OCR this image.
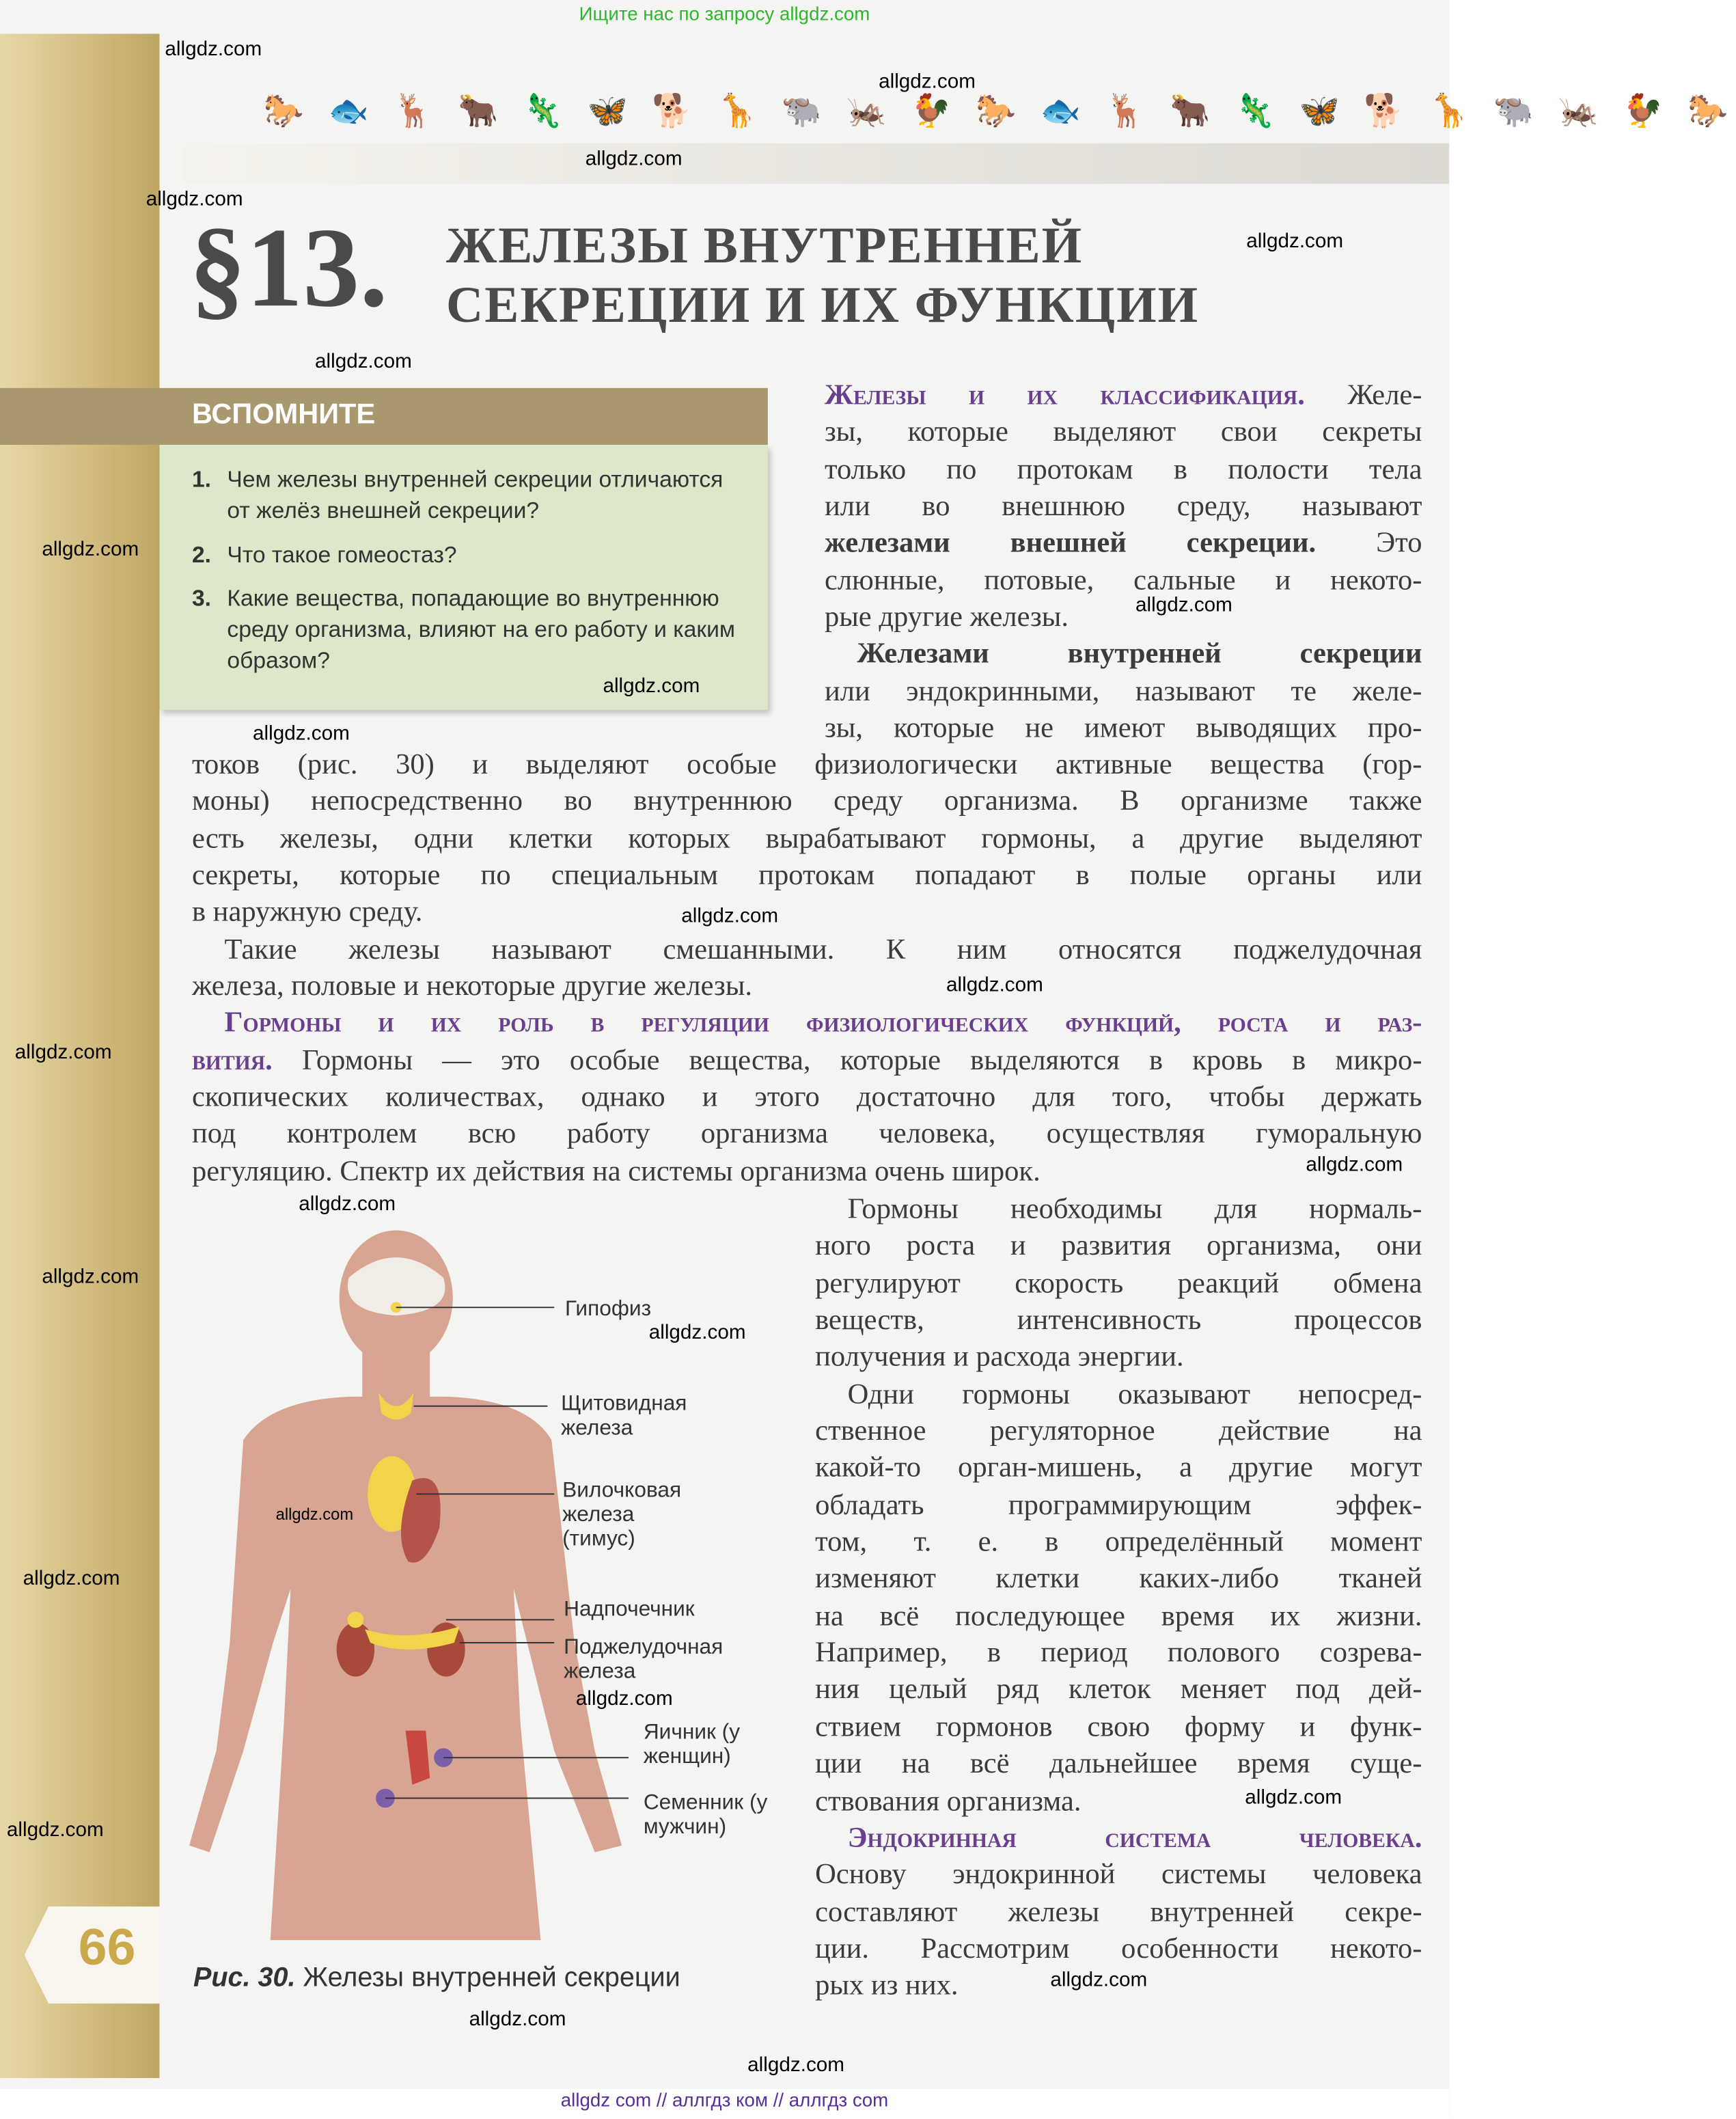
Ищите нас по запросу allgdz.com
66
🐎 🐟 🦌 🐂 🦎 🦋 🐕 🦒 🐃 🦗 🐓 🐎 🐟 🦌 🐂 🦎 🦋 🐕 🦒 🐃 🦗 🐓 🐎
§13. ЖЕЛЕЗЫ ВНУТРЕННЕЙ
СЕКРЕЦИИ И ИХ ФУНКЦИИ
ВСПОМНИТЕ
1.	Чем железы внутренней секреции отличаются от желёз внешней секреции?
2.	Что такое гомеостаз?
3.	Какие вещества, попадающие во внутреннюю среду организма, влияют на его работу и каким образом?
Железы и их классификация. Желе-
зы, которые выделяют свои секреты
только по протокам в полости тела
или во внешнюю среду, называют
железами внешней секреции. Это
слюнные, потовые, сальные и некото-
рые другие железы.
Железами внутренней секреции
или эндокринными, называют те желе-
зы, которые не имеют выводящих про-
токов (рис. 30) и выделяют особые физиологически активные вещества (гор-
моны) непосредственно во внутреннюю среду организма. В организме также
есть железы, одни клетки которых вырабатывают гормоны, а другие выделяют
секреты, которые по специальным протокам попадают в полые органы или
в наружную среду.
Такие железы называют смешанными. К ним относятся поджелудочная
железа, половые и некоторые другие железы.
Гормоны и их роль в регуляции физиологических функций, роста и раз-
вития. Гормоны — это особые вещества, которые выделяются в кровь в микро-
скопических количествах, однако и этого достаточно для того, чтобы держать
под контролем всю работу организма человека, осуществляя гуморальную
регуляцию. Спектр их действия на системы организма очень широк.
Гормоны необходимы для нормаль-
ного роста и развития организма, они
регулируют скорость реакций обмена
веществ, интенсивность процессов
получения и расхода энергии.
Одни гормоны оказывают непосред-
ственное регуляторное действие на
какой-то орган-мишень, а другие могут
обладать программирующим эффек-
том, т. е. в определённый момент
изменяют клетки каких-либо тканей
на всё последующее время их жизни.
Например, в период полового созрева-
ния целый ряд клеток меняет под дей-
ствием гормонов свою форму и функ-
ции на всё дальнейшее время суще-
ствования организма.
Эндокринная система человека.
Основу эндокринной системы человека
составляют железы внутренней секре-
ции. Рассмотрим особенности некото-
рых из них.
Гипофиз
Щитовидная железа
Вилочковая железа (тимус)
Надпочечник
Поджелудочная железа
Яичник (у женщин)
Семенник (у мужчин)
Рис. 30. Железы внутренней секреции
allgdz.com
allgdz.com
allgdz.com
allgdz.com
allgdz.com
allgdz.com
allgdz.com
allgdz.com
allgdz.com
allgdz.com
allgdz.com
allgdz.com
allgdz.com
allgdz.com
allgdz.com
allgdz.com
allgdz.com
allgdz.com
allgdz.com
allgdz.com
allgdz.com
allgdz.com
allgdz.com
allgdz.com
allgdz.com
allgdz com // аллгдз ком // аллгдз com
